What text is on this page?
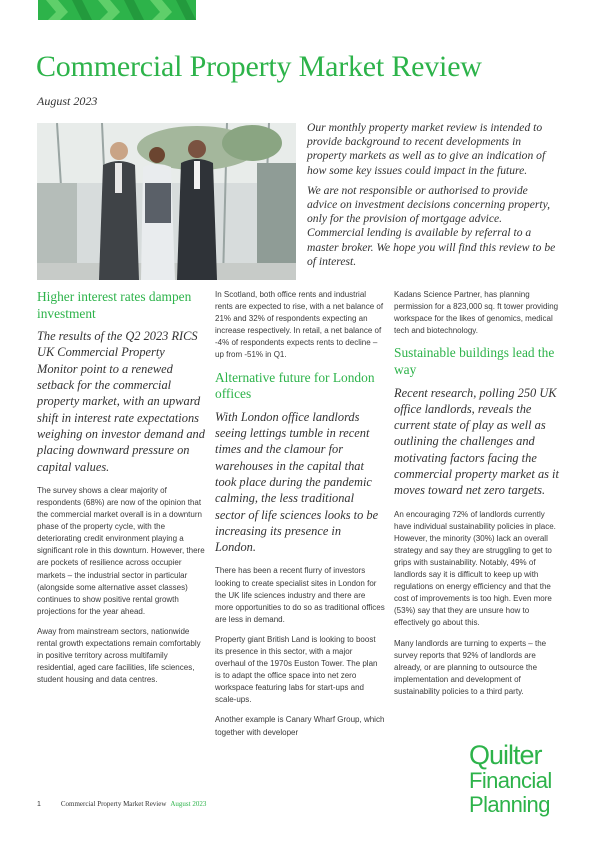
Commercial Property Market Review
August 2023

Our monthly property market review is intended to provide background to recent developments in property markets as well as to give an indication of how some key issues could impact in the future.

We are not responsible or authorised to provide advice on investment decisions concerning property, only for the provision of mortgage advice. Commercial lending is available by referral to a master broker. We hope you will find this review to be of interest.

Higher interest rates dampen investment

The results of the Q2 2023 RICS UK Commercial Property Monitor point to a renewed setback for the commercial property market, with an upward shift in interest rate expectations weighing on investor demand and placing downward pressure on capital values.

The survey shows a clear majority of respondents (68%) are now of the opinion that the commercial market overall is in a downturn phase of the property cycle, with the deteriorating credit environment playing a significant role in this downturn. However, there are pockets of resilience across occupier markets – the industrial sector in particular (alongside some alternative asset classes) continues to show positive rental growth projections for the year ahead.

Away from mainstream sectors, nationwide rental growth expectations remain comfortably in positive territory across multifamily residential, aged care facilities, life sciences, student housing and data centres.

In Scotland, both office rents and industrial rents are expected to rise, with a net balance of 21% and 32% of respondents expecting an increase respectively. In retail, a net balance of -4% of respondents expects rents to decline – up from -51% in Q1.

Alternative future for London offices

With London office landlords seeing lettings tumble in recent times and the clamour for warehouses in the capital that took place during the pandemic calming, the less traditional sector of life sciences looks to be increasing its presence in London.

There has been a recent flurry of investors looking to create specialist sites in London for the UK life sciences industry and there are more opportunities to do so as traditional offices are less in demand.

Property giant British Land is looking to boost its presence in this sector, with a major overhaul of the 1970s Euston Tower. The plan is to adapt the office space into net zero workspace featuring labs for start-ups and scale-ups.

Another example is Canary Wharf Group, which together with developer

Kadans Science Partner, has planning permission for a 823,000 sq. ft tower providing workspace for the likes of genomics, medical tech and biotechnology.

Sustainable buildings lead the way

Recent research, polling 250 UK office landlords, reveals the current state of play as well as outlining the challenges and motivating factors facing the commercial property market as it moves toward net zero targets.

An encouraging 72% of landlords currently have individual sustainability policies in place. However, the minority (30%) lack an overall strategy and say they are struggling to get to grips with sustainability. Notably, 49% of landlords say it is difficult to keep up with regulations on energy efficiency and that the cost of improvements is too high. Even more (53%) say that they are unsure how to effectively go about this.

Many landlords are turning to experts – the survey reports that 92% of landlords are already, or are planning to outsource the implementation and development of sustainability policies to a third party.

Quilter
Financial
Planning
1	Commercial Property Market Review August 2023
